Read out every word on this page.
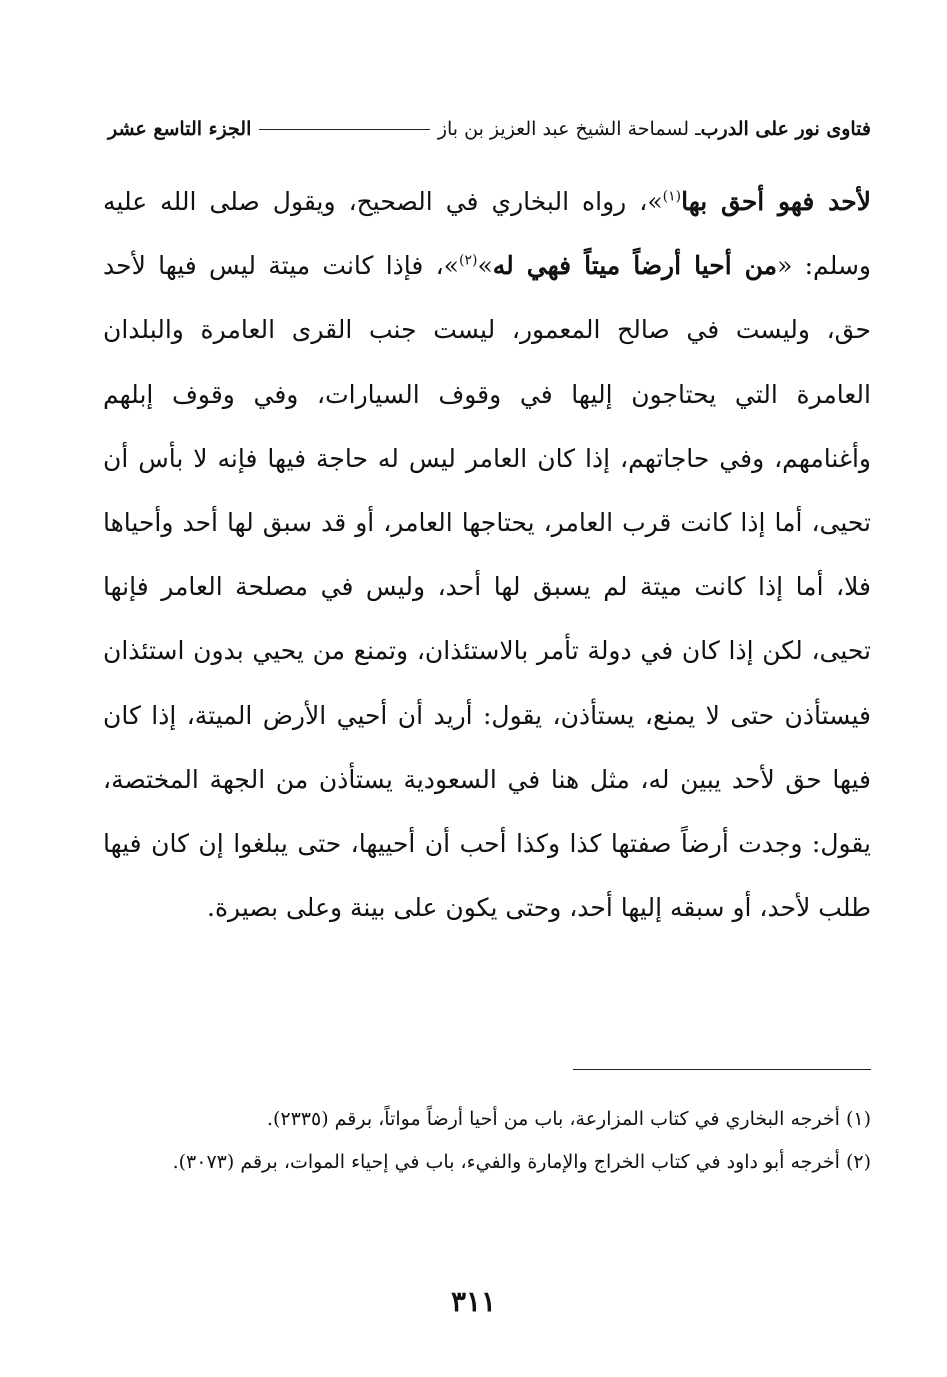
فتاوى نور على الدرب
ـ لسماحة الشيخ عبد العزيز بن باز
الجزء التاسع عشر

لأحد فهو أحق بها$^{(١)}$»، رواه البخاري في الصحيح، ويقول صلى الله عليه وسلم: «من أحيا أرضاً ميتاً فهي له»$^{(٢)}$»، فإذا كانت ميتة ليس فيها لأحد حق، وليست في صالح المعمور، ليست جنب القرى العامرة والبلدان العامرة التي يحتاجون إليها في وقوف السيارات، وفي وقوف إبلهم وأغنامهم، وفي حاجاتهم، إذا كان العامر ليس له حاجة فيها فإنه لا بأس أن تحيى، أما إذا كانت قرب العامر، يحتاجها العامر، أو قد سبق لها أحد وأحياها فلا، أما إذا كانت ميتة لم يسبق لها أحد، وليس في مصلحة العامر فإنها تحيى، لكن إذا كان في دولة تأمر بالاستئذان، وتمنع من يحيي بدون استئذان فيستأذن حتى لا يمنع، يستأذن، يقول: أريد أن أحيي الأرض الميتة، إذا كان فيها حق لأحد يبين له، مثل هنا في السعودية يستأذن من الجهة المختصة، يقول: وجدت أرضاً صفتها كذا وكذا أحب أن أحييها، حتى يبلغوا إن كان فيها طلب لأحد، أو سبقه إليها أحد، وحتى يكون على بينة وعلى بصيرة.

(١) أخرجه البخاري في كتاب المزارعة، باب من أحيا أرضاً مواتاً، برقم (٢٣٣٥).

(٢) أخرجه أبو داود في كتاب الخراج والإمارة والفيء، باب في إحياء الموات، برقم (٣٠٧٣).

٣١١
